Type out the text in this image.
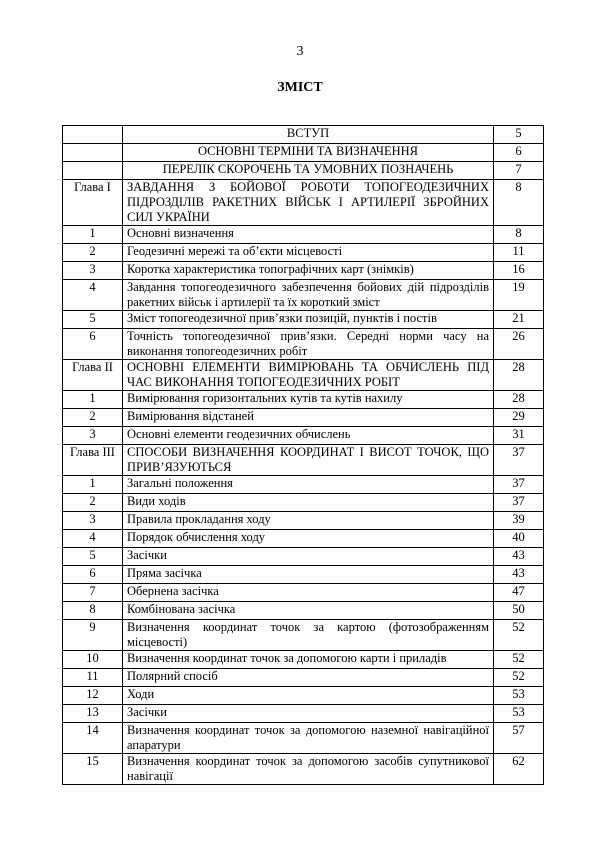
3
ЗМІСТ
	ВСТУП	5
	ОСНОВНІ ТЕРМІНИ ТА ВИЗНАЧЕННЯ	6
	ПЕРЕЛІК СКОРОЧЕНЬ ТА УМОВНИХ ПОЗНАЧЕНЬ	7
Глава І	ЗАВДАННЯ З БОЙОВОЇ РОБОТИ ТОПОГЕОДЕЗИЧНИХ ПІДРОЗДІЛІВ РАКЕТНИХ ВІЙСЬК І АРТИЛЕРІЇ ЗБРОЙНИХ СИЛ УКРАЇНИ	8
1	Основні визначення	8
2	Геодезичні мережі та об’єкти місцевості	11
3	Коротка характеристика топографічних карт (знімків)	16
4	Завдання топогеодезичного забезпечення бойових дій підрозділів ракетних військ і артилерії та їх короткий зміст	19
5	Зміст топогеодезичної прив’язки позицій, пунктів і постів	21
6	Точність топогеодезичної прив’язки. Середні норми часу на виконання топогеодезичних робіт	26
Глава ІІ	ОСНОВНІ ЕЛЕМЕНТИ ВИМІРЮВАНЬ ТА ОБЧИСЛЕНЬ ПІД ЧАС ВИКОНАННЯ ТОПОГЕОДЕЗИЧНИХ РОБІТ	28
1	Вимірювання горизонтальних кутів та кутів нахилу	28
2	Вимірювання відстаней	29
3	Основні елементи геодезичних обчислень	31
Глава ІІІ	СПОСОБИ ВИЗНАЧЕННЯ КООРДИНАТ І ВИСОТ ТОЧОК, ЩО ПРИВ’ЯЗУЮТЬСЯ	37
1	Загальні положення	37
2	Види ходів	37
3	Правила прокладання ходу	39
4	Порядок обчислення ходу	40
5	Засічки	43
6	Пряма засічка	43
7	Обернена засічка	47
8	Комбінована засічка	50
9	Визначення координат точок за картою (фотозображенням місцевості)	52
10	Визначення координат точок за допомогою карти і приладів	52
11	Полярний спосіб	52
12	Ходи	53
13	Засічки	53
14	Визначення координат точок за допомогою наземної навігаційної апаратури	57
15	Визначення координат точок за допомогою засобів супутникової навігації	62
